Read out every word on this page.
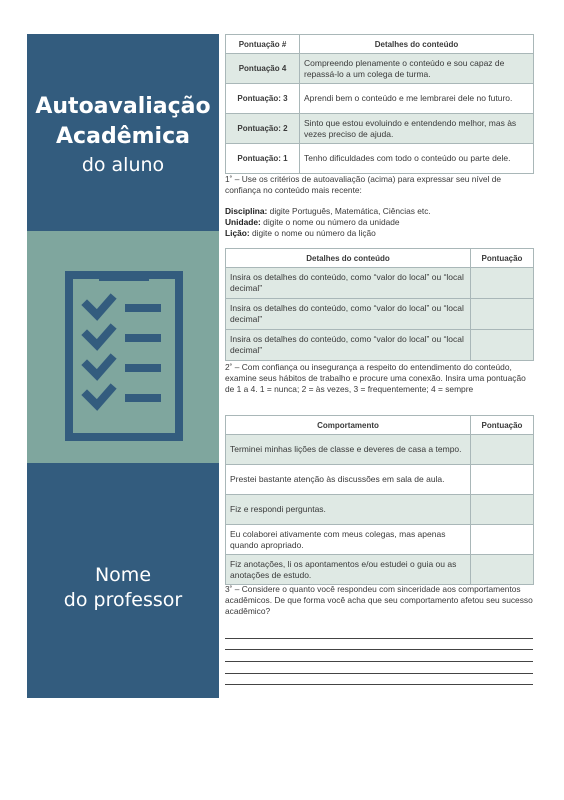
Autoavaliação
Acadêmica
do aluno
Nome
do professor
Pontuação #	Detalhes do conteúdo
Pontuação 4	Compreendo plenamente o conteúdo e sou capaz de repassá-lo a um colega de turma.
Pontuação: 3	Aprendi bem o conteúdo e me lembrarei dele no futuro.
Pontuação: 2	Sinto que estou evoluindo e entendendo melhor, mas às vezes preciso de ajuda.
Pontuação: 1	Tenho dificuldades com todo o conteúdo ou parte dele.
1˚ – Use os critérios de autoavaliação (acima) para expressar seu nível de confiança no conteúdo mais recente:
Disciplina: digite Português, Matemática, Ciências etc.
Unidade: digite o nome ou número da unidade
Lição: digite o nome ou número da lição
Detalhes do conteúdo	Pontuação
Insira os detalhes do conteúdo, como “valor do local” ou “local decimal”	
Insira os detalhes do conteúdo, como “valor do local” ou “local decimal”	
Insira os detalhes do conteúdo, como “valor do local” ou “local decimal”	
2˚ – Com confiança ou insegurança a respeito do entendimento do conteúdo, examine seus hábitos de trabalho e procure uma conexão. Insira uma pontuação de 1 a 4. 1 = nunca; 2 = às vezes, 3 = frequentemente; 4 = sempre
Comportamento	Pontuação
Terminei minhas lições de classe e deveres de casa a tempo.	
Prestei bastante atenção às discussões em sala de aula.	
Fiz e respondi perguntas.	
Eu colaborei ativamente com meus colegas, mas apenas quando apropriado.	
Fiz anotações, li os apontamentos e/ou estudei o guia ou as anotações de estudo.	
3˚ – Considere o quanto você respondeu com sinceridade aos comportamentos acadêmicos. De que forma você acha que seu comportamento afetou seu sucesso acadêmico?
